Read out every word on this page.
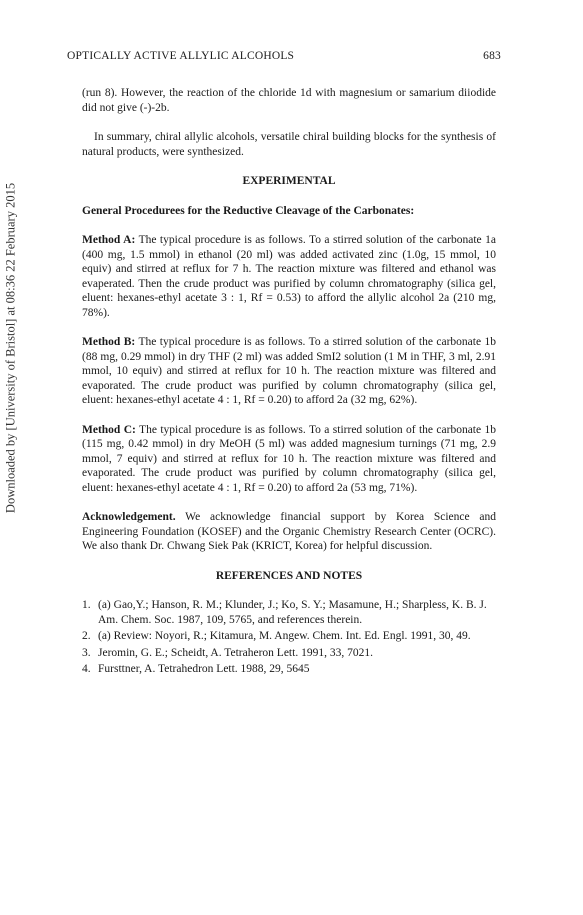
Downloaded by [University of Bristol] at 08:36 22 February 2015
OPTICALLY ACTIVE ALLYLIC ALCOHOLS	683

(run 8). However, the reaction of the chloride 1d with magnesium or samarium diiodide did not give (-)-2b.

In summary, chiral allylic alcohols, versatile chiral building blocks for the synthesis of natural products, were synthesized.

EXPERIMENTAL

General Procedurees for the Reductive Cleavage of the Carbonates:

Method A: The typical procedure is as follows. To a stirred solution of the carbonate 1a (400 mg, 1.5 mmol) in ethanol (20 ml) was added activated zinc (1.0g, 15 mmol, 10 equiv) and stirred at reflux for 7 h. The reaction mixture was filtered and ethanol was evaperated. Then the crude product was purified by column chromatography (silica gel, eluent: hexanes-ethyl acetate 3 : 1, Rf = 0.53) to afford the allylic alcohol 2a (210 mg, 78%).

Method B: The typical procedure is as follows. To a stirred solution of the carbonate 1b (88 mg, 0.29 mmol) in dry THF (2 ml) was added SmI2 solution (1 M in THF, 3 ml, 2.91 mmol, 10 equiv) and stirred at reflux for 10 h. The reaction mixture was filtered and evaporated. The crude product was purified by column chromatography (silica gel, eluent: hexanes-ethyl acetate 4 : 1, Rf = 0.20) to afford 2a (32 mg, 62%).

Method C: The typical procedure is as follows. To a stirred solution of the carbonate 1b (115 mg, 0.42 mmol) in dry MeOH (5 ml) was added magnesium turnings (71 mg, 2.9 mmol, 7 equiv) and stirred at reflux for 10 h. The reaction mixture was filtered and evaporated. The crude product was purified by column chromatography (silica gel, eluent: hexanes-ethyl acetate 4 : 1, Rf = 0.20) to afford 2a (53 mg, 71%).

Acknowledgement. We acknowledge financial support by Korea Science and Engineering Foundation (KOSEF) and the Organic Chemistry Research Center (OCRC). We also thank Dr. Chwang Siek Pak (KRICT, Korea) for helpful discussion.

REFERENCES AND NOTES

1. (a) Gao,Y.; Hanson, R. M.; Klunder, J.; Ko, S. Y.; Masamune, H.; Sharpless, K. B. J. Am. Chem. Soc. 1987, 109, 5765, and references therein.
2. (a) Review: Noyori, R.; Kitamura, M. Angew. Chem. Int. Ed. Engl. 1991, 30, 49.
3. Jeromin, G. E.; Scheidt, A. Tetraheron Lett. 1991, 33, 7021.
4. Fursttner, A. Tetrahedron Lett. 1988, 29, 5645
